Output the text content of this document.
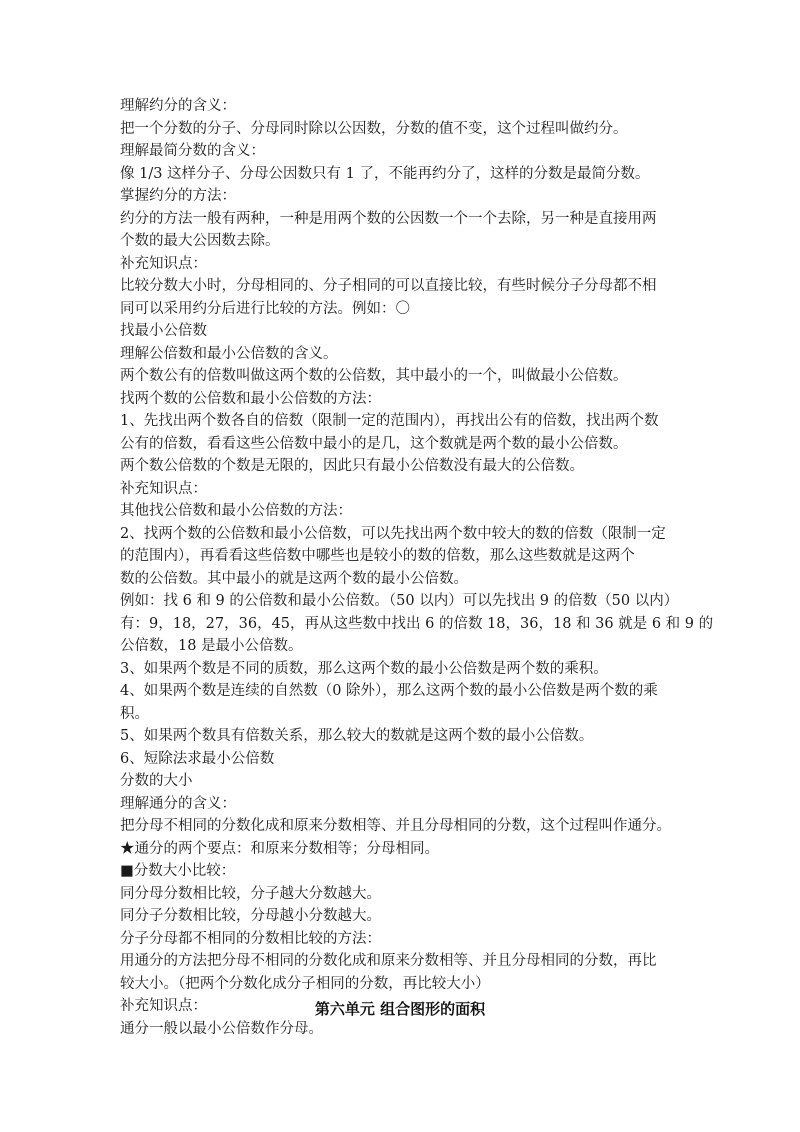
理解约分的含义：
把一个分数的分子、分母同时除以公因数，分数的值不变，这个过程叫做约分。
理解最简分数的含义：
像 1/3 这样分子、分母公因数只有 1 了，不能再约分了，这样的分数是最简分数。
掌握约分的方法：
约分的方法一般有两种，一种是用两个数的公因数一个一个去除，另一种是直接用两
个数的最大公因数去除。
补充知识点：
比较分数大小时，分母相同的、分子相同的可以直接比较，有些时候分子分母都不相
同可以采用约分后进行比较的方法。例如：〇
找最小公倍数
理解公倍数和最小公倍数的含义。
两个数公有的倍数叫做这两个数的公倍数，其中最小的一个，叫做最小公倍数。
找两个数的公倍数和最小公倍数的方法：
1、先找出两个数各自的倍数（限制一定的范围内），再找出公有的倍数，找出两个数
公有的倍数，看看这些公倍数中最小的是几，这个数就是两个数的最小公倍数。
两个数公倍数的个数是无限的，因此只有最小公倍数没有最大的公倍数。
补充知识点：
其他找公倍数和最小公倍数的方法：
2、找两个数的公倍数和最小公倍数，可以先找出两个数中较大的数的倍数（限制一定
的范围内），再看看这些倍数中哪些也是较小的数的倍数，那么这些数就是这两个
数的公倍数。其中最小的就是这两个数的最小公倍数。
例如：找 6 和 9 的公倍数和最小公倍数。（50 以内）可以先找出 9 的倍数（50 以内）
有：9，18，27，36，45，再从这些数中找出 6 的倍数 18，36，18 和 36 就是 6 和 9 的
公倍数，18 是最小公倍数。
3、如果两个数是不同的质数，那么这两个数的最小公倍数是两个数的乘积。
4、如果两个数是连续的自然数（0 除外），那么这两个数的最小公倍数是两个数的乘
积。
5、如果两个数具有倍数关系，那么较大的数就是这两个数的最小公倍数。
6、短除法求最小公倍数
分数的大小
理解通分的含义：
把分母不相同的分数化成和原来分数相等、并且分母相同的分数，这个过程叫作通分。
★通分的两个要点：和原来分数相等；分母相同。
■分数大小比较：
同分母分数相比较，分子越大分数越大。
同分子分数相比较，分母越小分数越大。
分子分母都不相同的分数相比较的方法：
用通分的方法把分母不相同的分数化成和原来分数相等、并且分母相同的分数，再比
较大小。（把两个分数化成分子相同的分数，再比较大小）
补充知识点：
通分一般以最小公倍数作分母。
第六单元 组合图形的面积
